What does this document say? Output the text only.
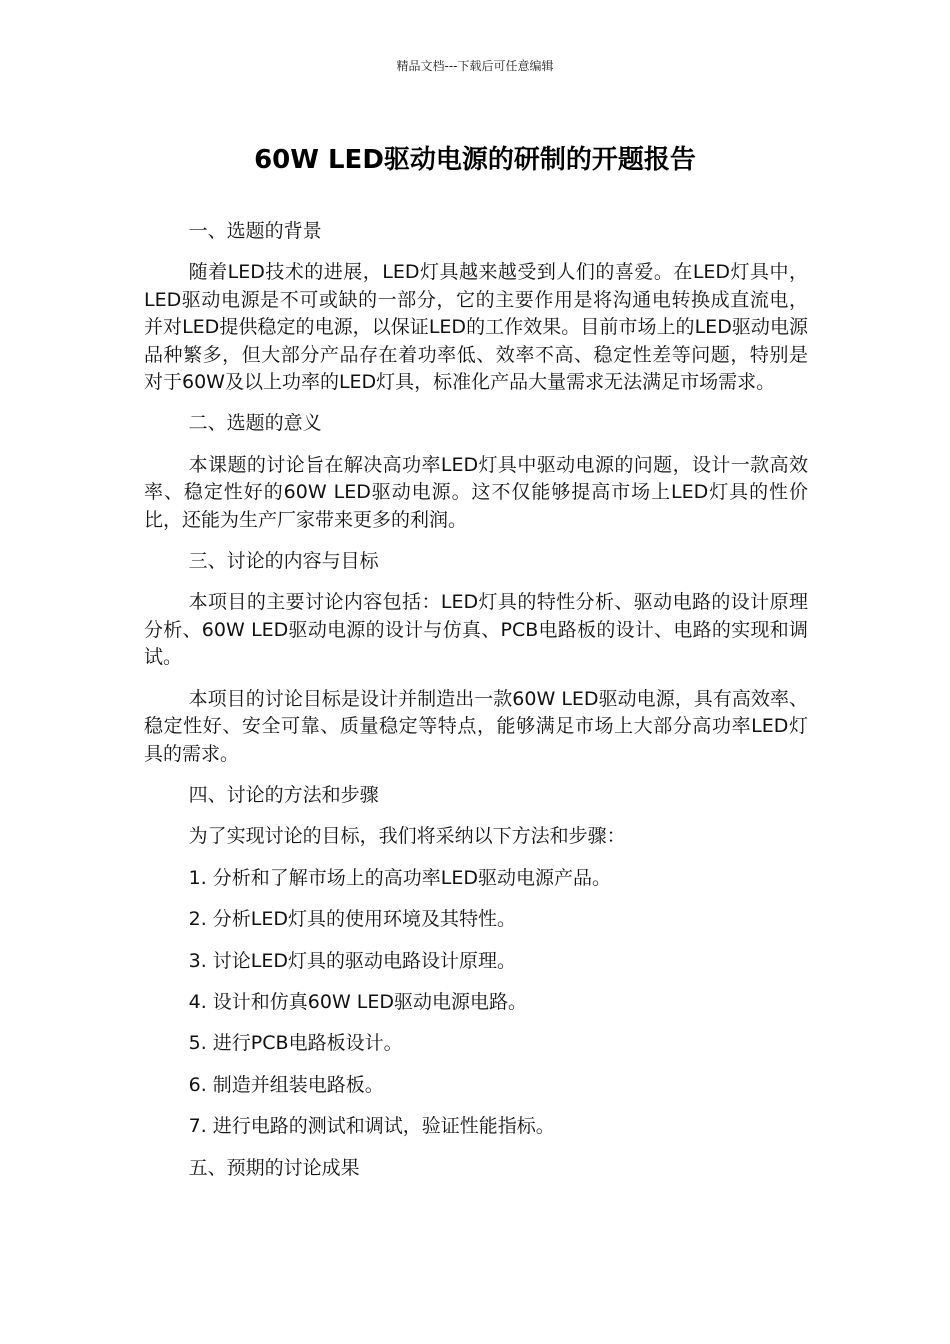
精品文档---下载后可任意编辑
60W LED驱动电源的研制的开题报告

一、选题的背景

随着LED技术的进展，LED灯具越来越受到人们的喜爱。在LED灯具中，LED驱动电源是不可或缺的一部分，它的主要作用是将沟通电转换成直流电，并对LED提供稳定的电源，以保证LED的工作效果。目前市场上的LED驱动电源品种繁多，但大部分产品存在着功率低、效率不高、稳定性差等问题，特别是对于60W及以上功率的LED灯具，标准化产品大量需求无法满足市场需求。

二、选题的意义

本课题的讨论旨在解决高功率LED灯具中驱动电源的问题，设计一款高效率、稳定性好的60W LED驱动电源。这不仅能够提高市场上LED灯具的性价比，还能为生产厂家带来更多的利润。

三、讨论的内容与目标

本项目的主要讨论内容包括：LED灯具的特性分析、驱动电路的设计原理分析、60W LED驱动电源的设计与仿真、PCB电路板的设计、电路的实现和调试。

本项目的讨论目标是设计并制造出一款60W LED驱动电源，具有高效率、稳定性好、安全可靠、质量稳定等特点，能够满足市场上大部分高功率LED灯具的需求。

四、讨论的方法和步骤

为了实现讨论的目标，我们将采纳以下方法和步骤：

1. 分析和了解市场上的高功率LED驱动电源产品。

2. 分析LED灯具的使用环境及其特性。

3. 讨论LED灯具的驱动电路设计原理。

4. 设计和仿真60W LED驱动电源电路。

5. 进行PCB电路板设计。

6. 制造并组装电路板。

7. 进行电路的测试和调试，验证性能指标。

五、预期的讨论成果
